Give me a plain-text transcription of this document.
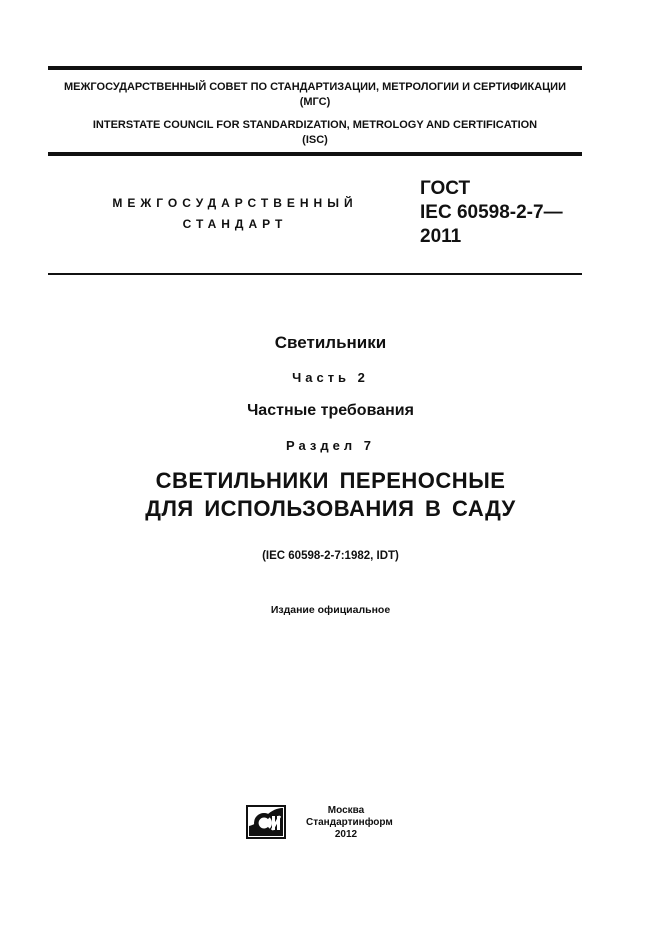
МЕЖГОСУДАРСТВЕННЫЙ СОВЕТ ПО СТАНДАРТИЗАЦИИ, МЕТРОЛОГИИ И СЕРТИФИКАЦИИ
(МГС)
INTERSTATE COUNCIL FOR STANDARDIZATION, METROLOGY AND CERTIFICATION
(ISC)
МЕЖГОСУДАРСТВЕННЫЙ
СТАНДАРТ
ГОСТ
IEC 60598-2-7—
2011
Светильники
Часть 2
Частные требования
Раздел 7
СВЕТИЛЬНИКИ ПЕРЕНОСНЫЕ
ДЛЯ ИСПОЛЬЗОВАНИЯ В САДУ
(IEC 60598-2-7:1982, IDT)
Издание официальное
Москва
Стандартинформ
2012
